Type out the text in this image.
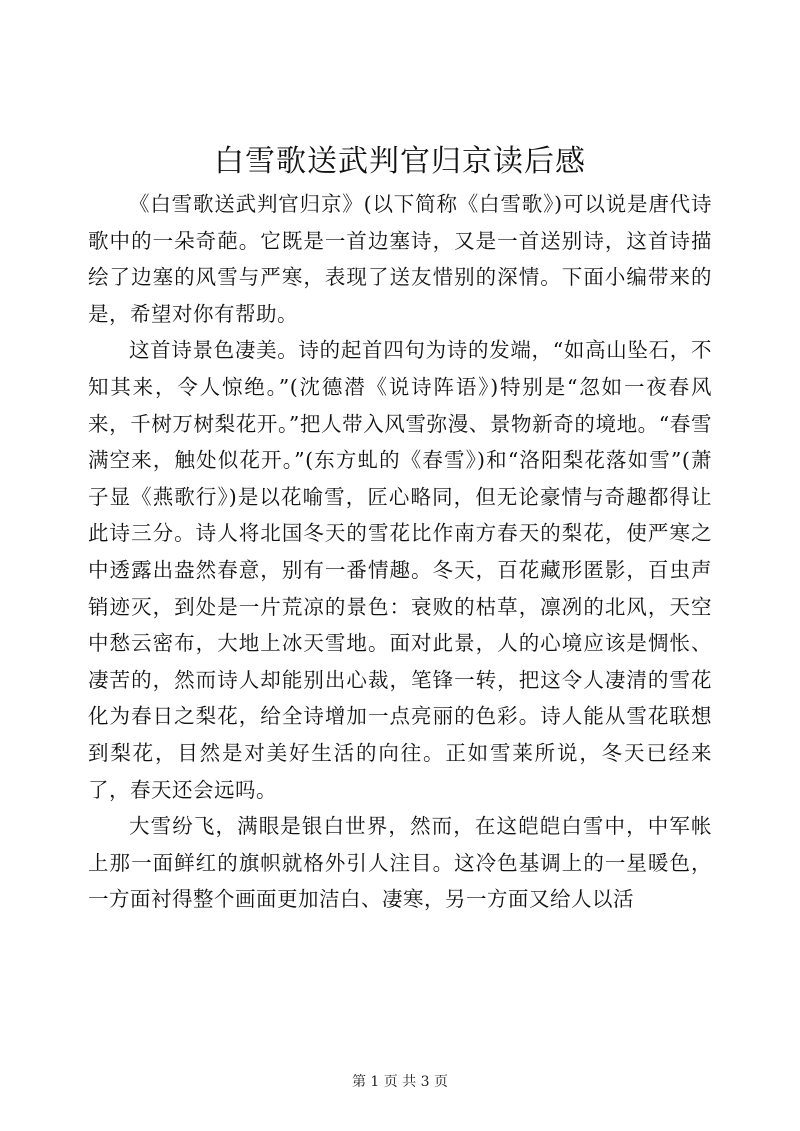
白雪歌送武判官归京读后感

《白雪歌送武判官归京》(以下简称《白雪歌》)可以说是唐代诗歌中的一朵奇葩。它既是一首边塞诗，又是一首送别诗，这首诗描绘了边塞的风雪与严寒，表现了送友惜别的深情。下面小编带来的是，希望对你有帮助。

这首诗景色凄美。诗的起首四句为诗的发端，“如高山坠石，不知其来，令人惊绝。”(沈德潜《说诗阵语》)特别是“忽如一夜春风来，千树万树梨花开。”把人带入风雪弥漫、景物新奇的境地。“春雪满空来，触处似花开。”(东方虬的《春雪》)和“洛阳梨花落如雪”(萧子显《燕歌行》)是以花喻雪，匠心略同，但无论豪情与奇趣都得让此诗三分。诗人将北国冬天的雪花比作南方春天的梨花，使严寒之中透露出盎然春意，别有一番情趣。冬天，百花藏形匿影，百虫声销迹灭，到处是一片荒凉的景色：衰败的枯草，凛冽的北风，天空中愁云密布，大地上冰天雪地。面对此景，人的心境应该是惆怅、凄苦的，然而诗人却能别出心裁，笔锋一转，把这令人凄清的雪花化为春日之梨花，给全诗增加一点亮丽的色彩。诗人能从雪花联想到梨花，目然是对美好生活的向往。正如雪莱所说，冬天已经来了，春天还会远吗。

大雪纷飞，满眼是银白世界，然而，在这皑皑白雪中，中军帐上那一面鲜红的旗帜就格外引人注目。这冷色基调上的一星暖色，一方面衬得整个画面更加洁白、凄寒，另一方面又给人以活

第 1 页 共 3 页
